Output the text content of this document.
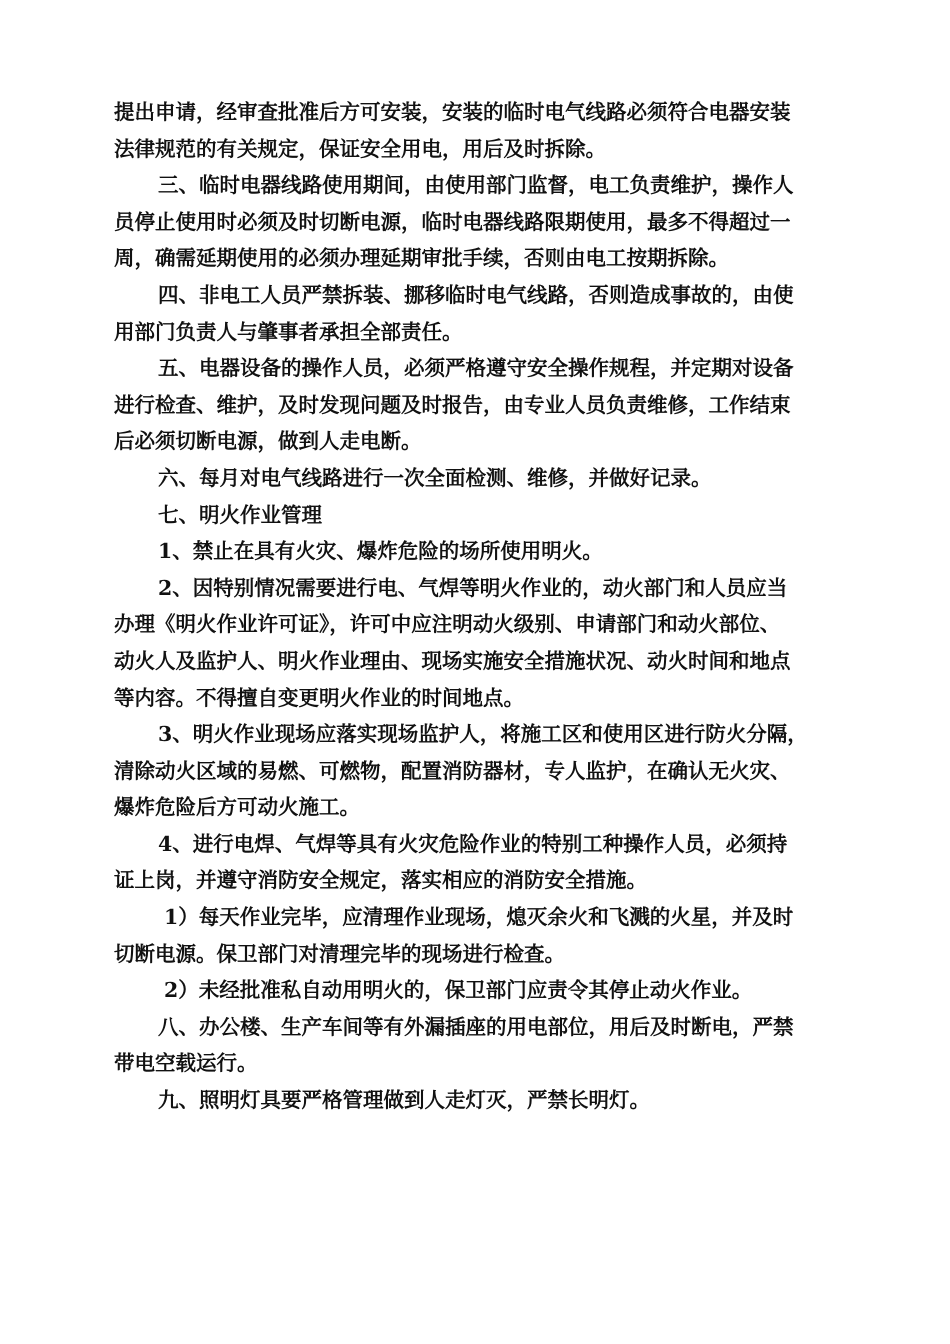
提出申请，经审查批准后方可安装，安装的临时电气线路必须符合电器安装
法律规范的有关规定，保证安全用电，用后及时拆除。
三、临时电器线路使用期间，由使用部门监督，电工负责维护，操作人
员停止使用时必须及时切断电源，临时电器线路限期使用，最多不得超过一
周，确需延期使用的必须办理延期审批手续，否则由电工按期拆除。
四、非电工人员严禁拆装、挪移临时电气线路，否则造成事故的，由使
用部门负责人与肇事者承担全部责任。
五、电器设备的操作人员，必须严格遵守安全操作规程，并定期对设备
进行检查、维护，及时发现问题及时报告，由专业人员负责维修，工作结束
后必须切断电源，做到人走电断。
六、每月对电气线路进行一次全面检测、维修，并做好记录。
七、明火作业管理
1、禁止在具有火灾、爆炸危险的场所使用明火。
2、因特别情况需要进行电、气焊等明火作业的，动火部门和人员应当
办理《明火作业许可证》，许可中应注明动火级别、申请部门和动火部位、
动火人及监护人、明火作业理由、现场实施安全措施状况、动火时间和地点
等内容。不得擅自变更明火作业的时间地点。
3、明火作业现场应落实现场监护人，将施工区和使用区进行防火分隔，
清除动火区域的易燃、可燃物，配置消防器材，专人监护，在确认无火灾、
爆炸危险后方可动火施工。
4、进行电焊、气焊等具有火灾危险作业的特别工种操作人员，必须持
证上岗，并遵守消防安全规定，落实相应的消防安全措施。
1）每天作业完毕，应清理作业现场，熄灭余火和飞溅的火星，并及时
切断电源。保卫部门对清理完毕的现场进行检查。
2）未经批准私自动用明火的，保卫部门应责令其停止动火作业。
八、办公楼、生产车间等有外漏插座的用电部位，用后及时断电，严禁
带电空载运行。
九、照明灯具要严格管理做到人走灯灭，严禁长明灯。
